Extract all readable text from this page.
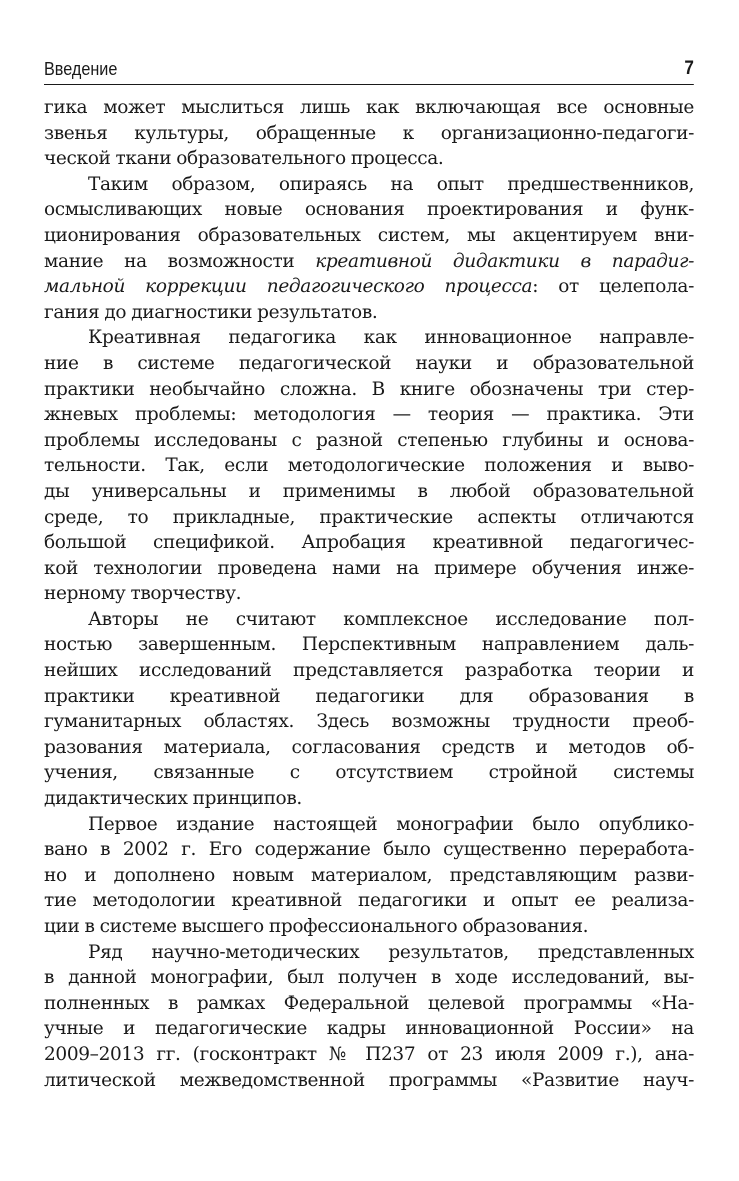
Введение	7
гика может мыслиться лишь как включающая все основные
звенья культуры, обращенные к организационно-педагоги-
ческой ткани образовательного процесса.
Таким образом, опираясь на опыт предшественников,
осмысливающих новые основания проектирования и функ-
ционирования образовательных систем, мы акцентируем вни-
мание на возможности креативной дидактики в парадиг-
мальной коррекции педагогического процесса: от целепола-
гания до диагностики результатов.
Креативная педагогика как инновационное направле-
ние в системе педагогической науки и образовательной
практики необычайно сложна. В книге обозначены три стер-
жневых проблемы: методология — теория — практика. Эти
проблемы исследованы с разной степенью глубины и основа-
тельности. Так, если методологические положения и выво-
ды универсальны и применимы в любой образовательной
среде, то прикладные, практические аспекты отличаются
большой спецификой. Апробация креативной педагогичес-
кой технологии проведена нами на примере обучения инже-
нерному творчеству.
Авторы не считают комплексное исследование пол-
ностью завершенным. Перспективным направлением даль-
нейших исследований представляется разработка теории и
практики креативной педагогики для образования в
гуманитарных областях. Здесь возможны трудности преоб-
разования материала, согласования средств и методов об-
учения, связанные с отсутствием стройной системы
дидактических принципов.
Первое издание настоящей монографии было опублико-
вано в 2002 г. Его содержание было существенно переработа-
но и дополнено новым материалом, представляющим разви-
тие методологии креативной педагогики и опыт ее реализа-
ции в системе высшего профессионального образования.
Ряд научно-методических результатов, представленных
в данной монографии, был получен в ходе исследований, вы-
полненных в рамках Федеральной целевой программы «На-
учные и педагогические кадры инновационной России» на
2009–2013 гг. (госконтракт № П237 от 23 июля 2009 г.), ана-
литической межведомственной программы «Развитие науч-
